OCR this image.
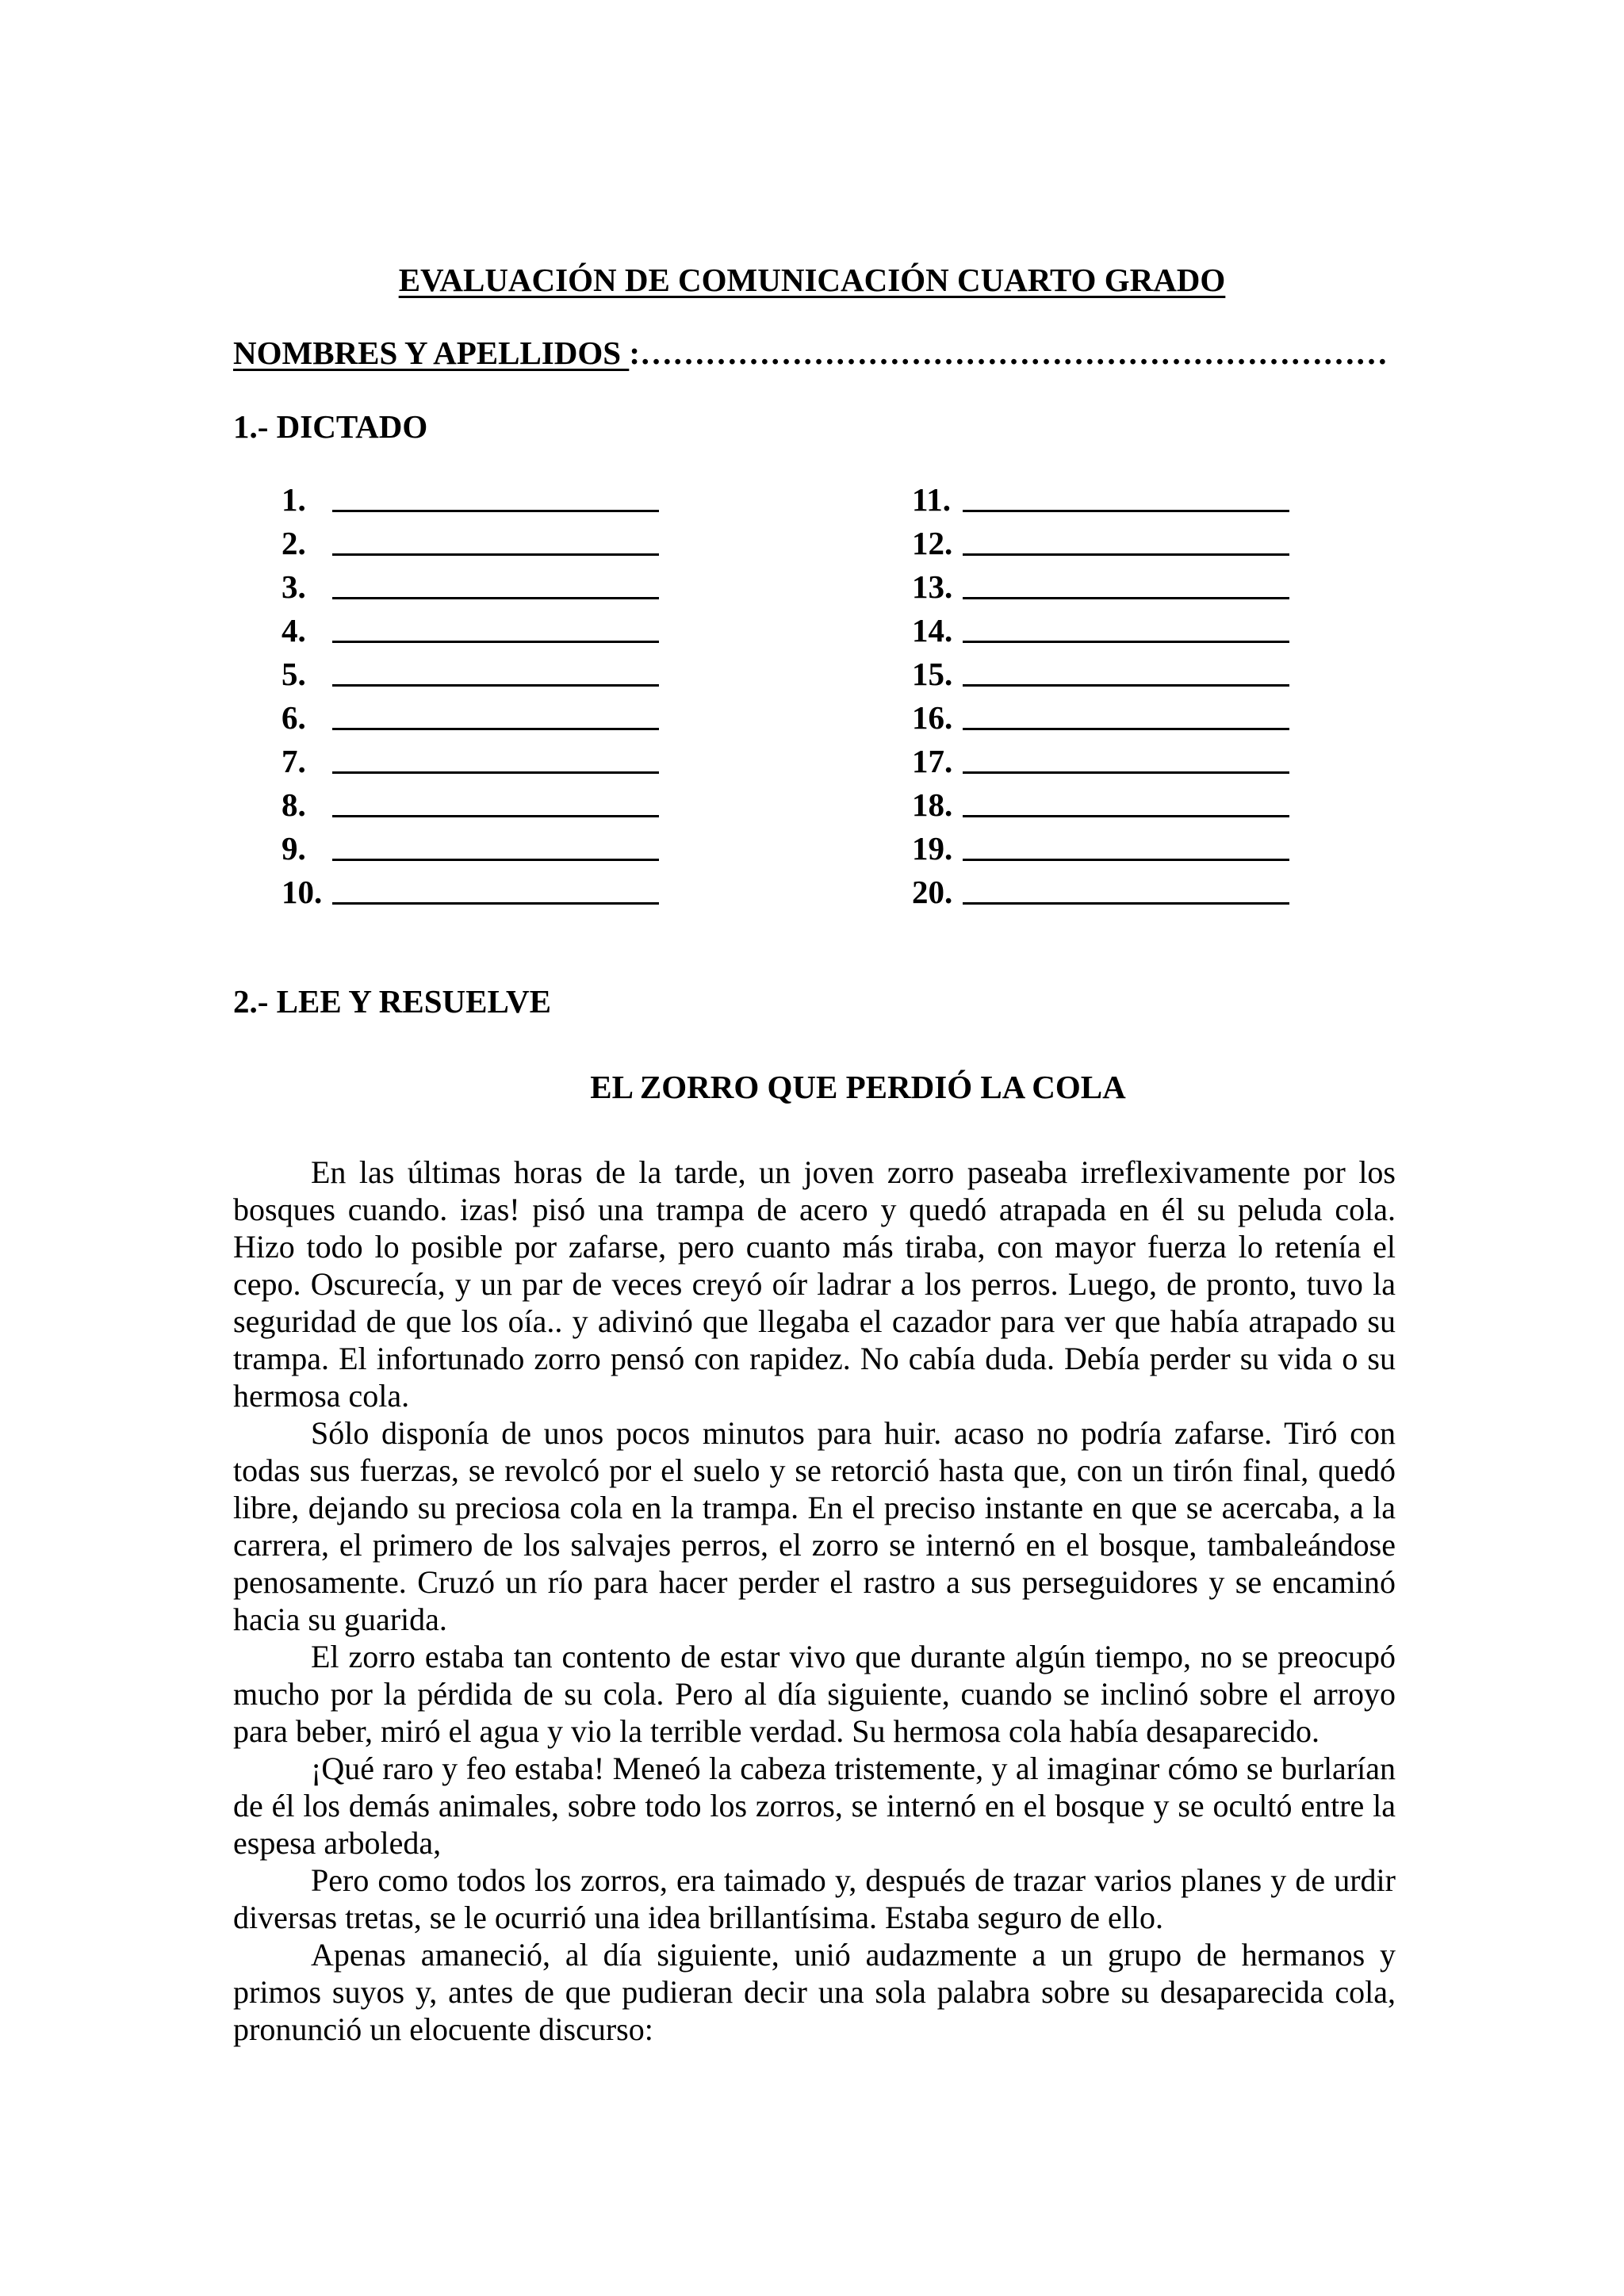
EVALUACIÓN DE COMUNICACIÓN CUARTO GRADO
NOMBRES Y APELLIDOS :……………………………………………………………
1.- DICTADO
1.
2.
3.
4.
5.
6.
7.
8.
9.
10.
11.
12.
13.
14.
15.
16.
17.
18.
19.
20.
2.- LEE Y RESUELVE
EL ZORRO QUE PERDIÓ LA COLA

En las últimas horas de la tarde, un joven zorro paseaba irreflexivamente por los bosques cuando. izas! pisó una trampa de acero y quedó atrapada en él su peluda cola. Hizo todo lo posible por zafarse, pero cuanto más tiraba, con mayor fuerza lo retenía el cepo. Oscurecía, y un par de veces creyó oír ladrar a los perros. Luego, de pronto, tuvo la seguridad de que los oía.. y adivinó que llegaba el cazador para ver que había atrapado su trampa. El infortunado zorro pensó con rapidez. No cabía duda. Debía perder su vida o su hermosa cola.

Sólo disponía de unos pocos minutos para huir. acaso no podría zafarse. Tiró con todas sus fuerzas, se revolcó por el suelo y se retorció hasta que, con un tirón final, quedó libre, dejando su preciosa cola en la trampa. En el preciso instante en que se acercaba, a la carrera, el primero de los salvajes perros, el zorro se internó en el bosque, tambaleándose penosamente. Cruzó un río para hacer perder el rastro a sus perseguidores y se encaminó hacia su guarida.

El zorro estaba tan contento de estar vivo que durante algún tiempo, no se preocupó mucho por la pérdida de su cola. Pero al día siguiente, cuando se inclinó sobre el arroyo para beber, miró el agua y vio la terrible verdad. Su hermosa cola había desaparecido.

¡Qué raro y feo estaba! Meneó la cabeza tristemente, y al imaginar cómo se burlarían de él los demás animales, sobre todo los zorros, se internó en el bosque y se ocultó entre la espesa arboleda,

Pero como todos los zorros, era taimado y, después de trazar varios planes y de urdir diversas tretas, se le ocurrió una idea brillantísima. Estaba seguro de ello.

Apenas amaneció, al día siguiente, unió audazmente a un grupo de hermanos y primos suyos y, antes de que pudieran decir una sola palabra sobre su desaparecida cola, pronunció un elocuente discurso:
